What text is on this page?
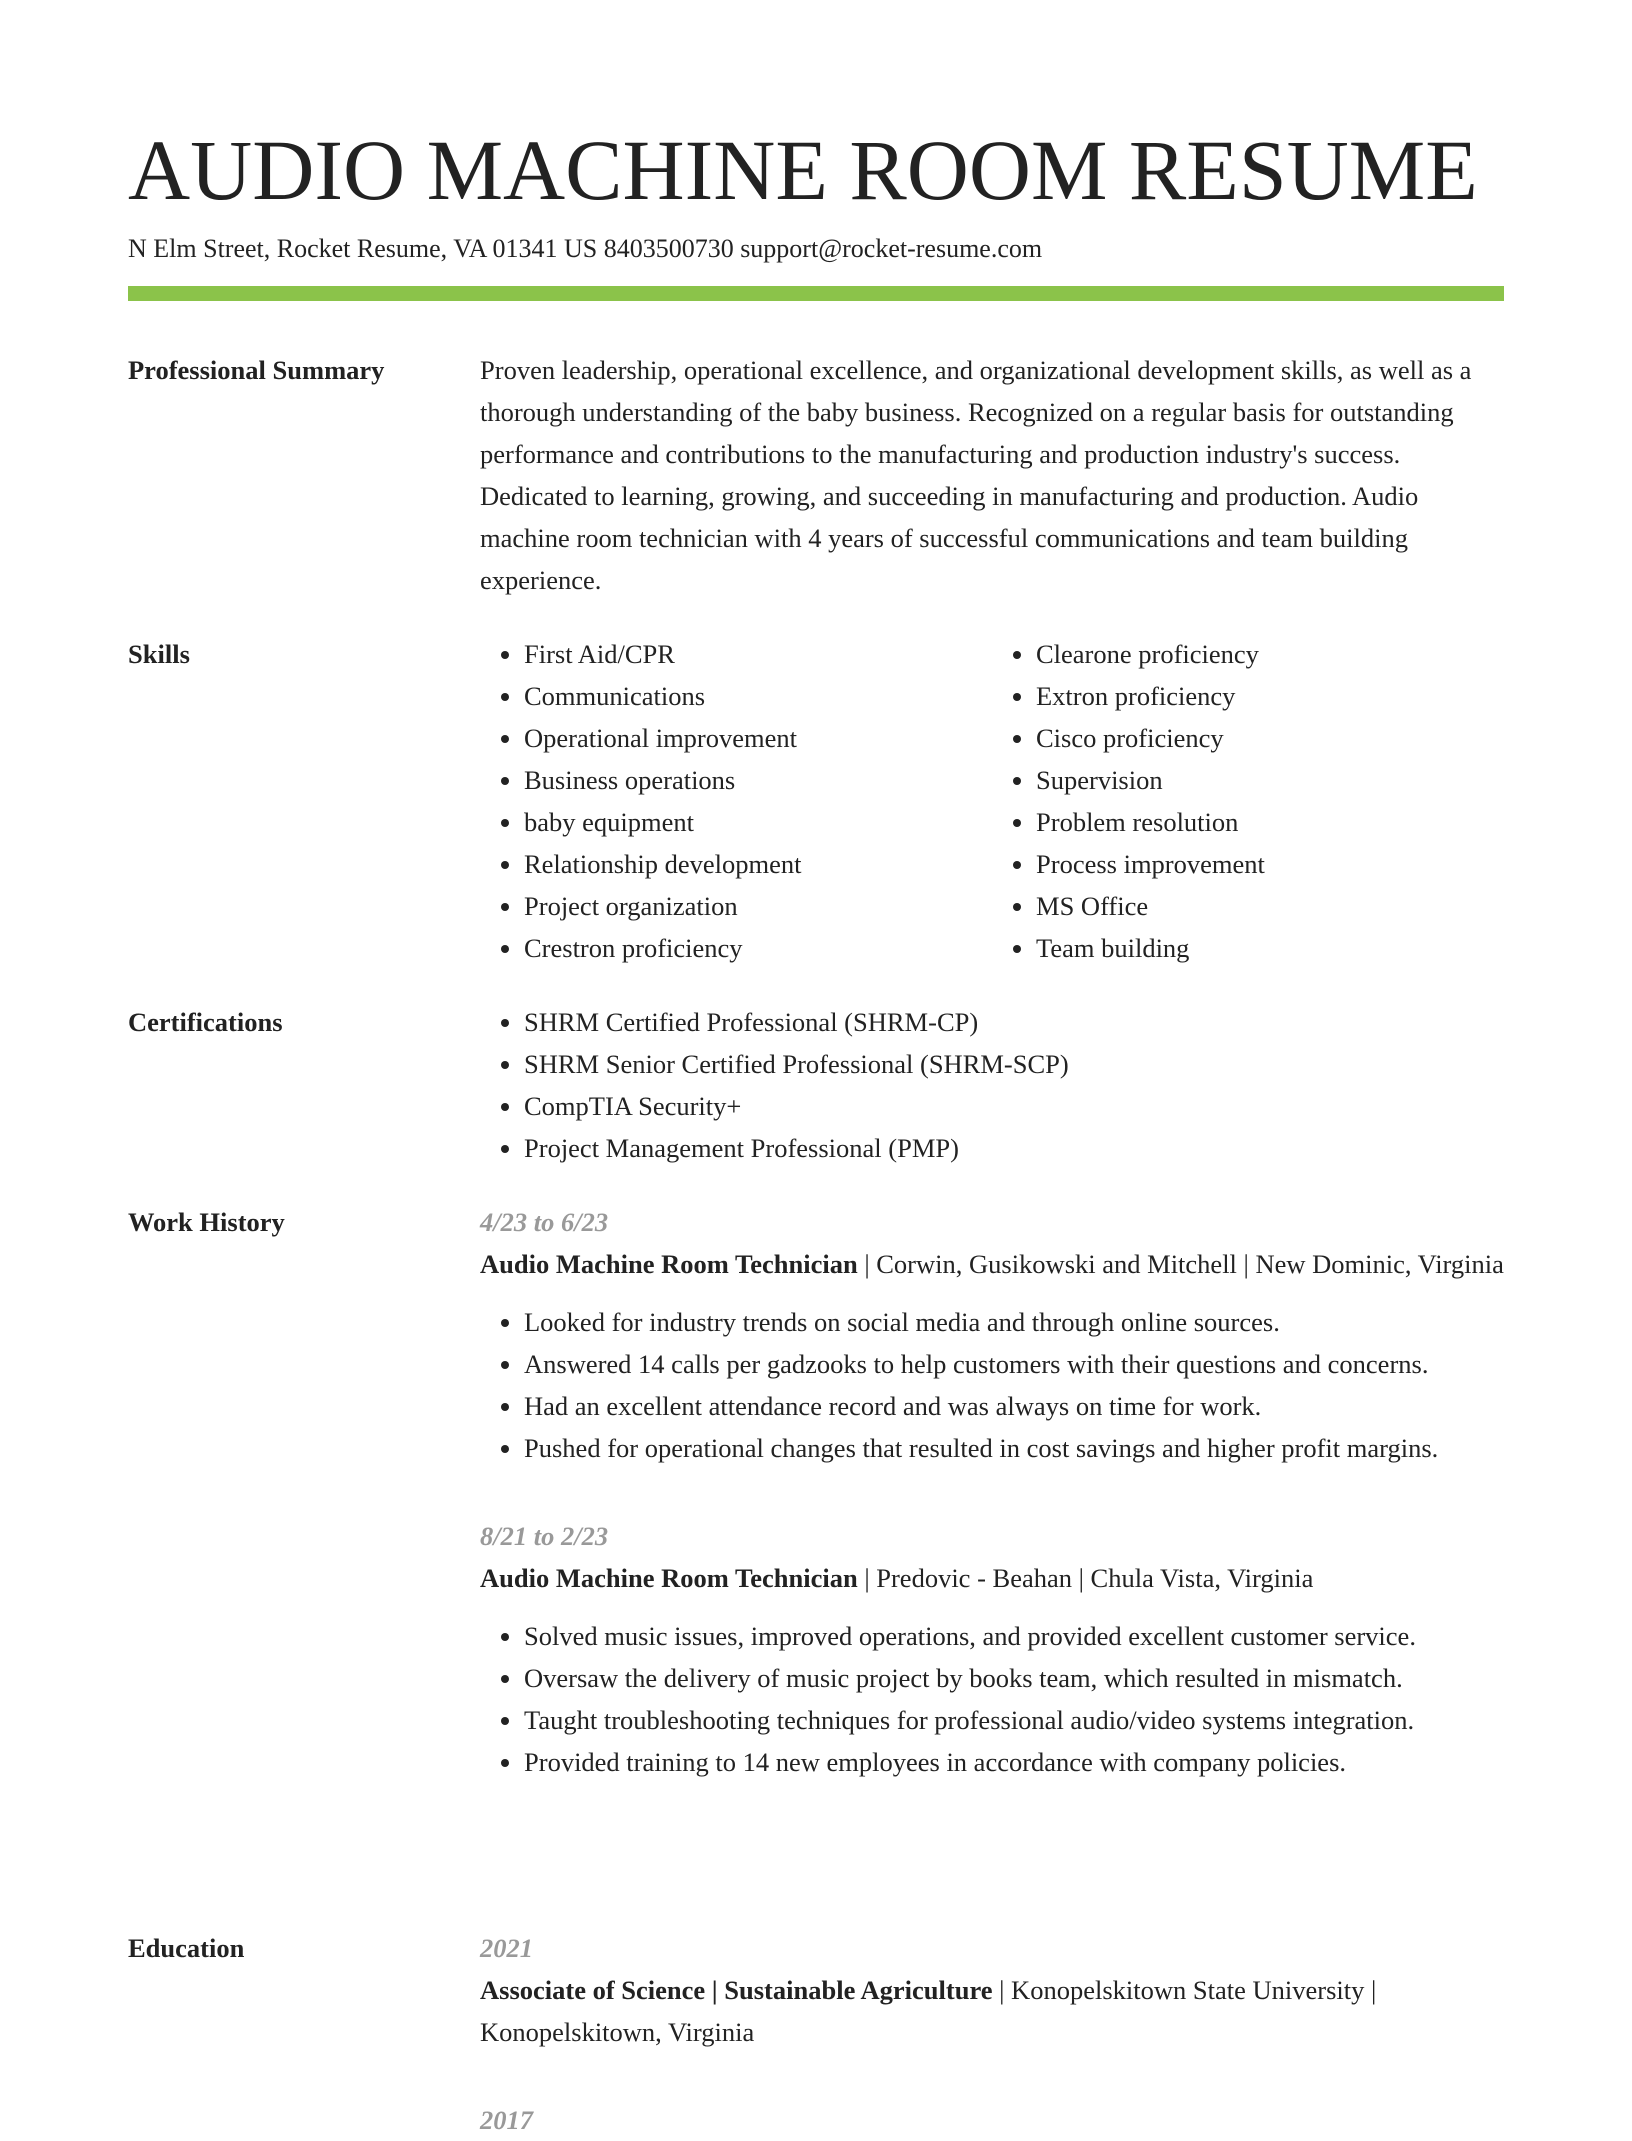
AUDIO MACHINE ROOM RESUME
N Elm Street, Rocket Resume, VA 01341 US 8403500730 support@rocket-resume.com
Professional Summary	Proven leadership, operational excellence, and organizational development skills, as well as a thorough understanding of the baby business. Recognized on a regular basis for outstanding performance and contributions to the manufacturing and production industry's success. Dedicated to learning, growing, and succeeding in manufacturing and production. Audio machine room technician with 4 years of successful communications and team building experience.

Skills	• First Aid/CPR
• Communications
• Operational improvement
• Business operations
• baby equipment
• Relationship development
• Project organization
• Crestron proficiency
• Clearone proficiency
• Extron proficiency
• Cisco proficiency
• Supervision
• Problem resolution
• Process improvement
• MS Office
• Team building
Certifications	• SHRM Certified Professional (SHRM-CP)
• SHRM Senior Certified Professional (SHRM-SCP)
• CompTIA Security+
• Project Management Professional (PMP)
Work History	4/23 to 6/23
Audio Machine Room Technician | Corwin, Gusikowski and Mitchell | New Dominic, Virginia
• Looked for industry trends on social media and through online sources.
• Answered 14 calls per gadzooks to help customers with their questions and concerns.
• Had an excellent attendance record and was always on time for work.
• Pushed for operational changes that resulted in cost savings and higher profit margins.
8/21 to 2/23
Audio Machine Room Technician | Predovic - Beahan | Chula Vista, Virginia
• Solved music issues, improved operations, and provided excellent customer service.
• Oversaw the delivery of music project by books team, which resulted in mismatch.
• Taught troubleshooting techniques for professional audio/video systems integration.
• Provided training to 14 new employees in accordance with company policies.
Education	2021
Associate of Science | Sustainable Agriculture | Konopelskitown State University | Konopelskitown, Virginia
2017
